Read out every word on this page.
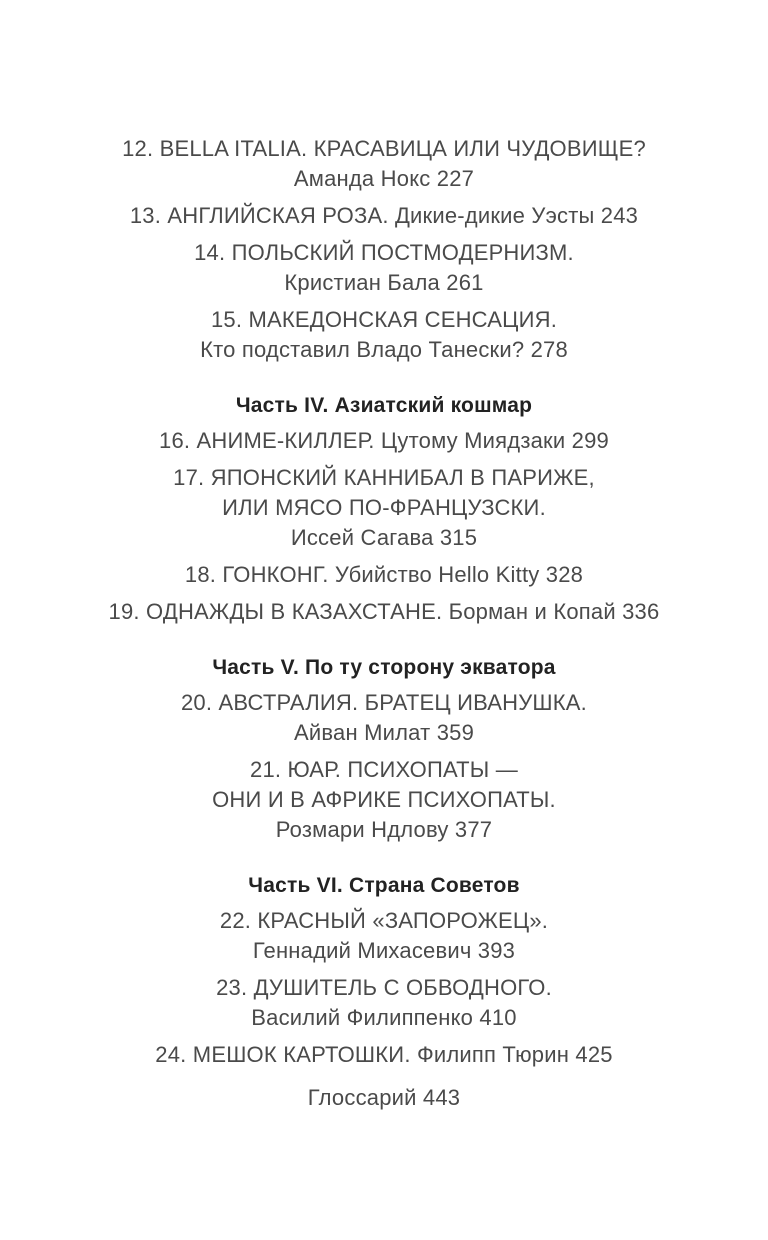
12. BELLA ITALIA. КРАСАВИЦА ИЛИ ЧУДОВИЩЕ?
Аманда Нокс 227
13. АНГЛИЙСКАЯ РОЗА. Дикие-дикие Уэсты 243
14. ПОЛЬСКИЙ ПОСТМОДЕРНИЗМ.
Кристиан Бала 261
15. МАКЕДОНСКАЯ СЕНСАЦИЯ.
Кто подставил Владо Танески? 278
Часть IV. Азиатский кошмар
16. АНИМЕ-КИЛЛЕР. Цутому Миядзаки 299
17. ЯПОНСКИЙ КАННИБАЛ В ПАРИЖЕ,
ИЛИ МЯСО ПО-ФРАНЦУЗСКИ.
Иссей Сагава 315
18. ГОНКОНГ. Убийство Hello Kitty 328
19. ОДНАЖДЫ В КАЗАХСТАНЕ. Борман и Копай 336
Часть V. По ту сторону экватора
20. АВСТРАЛИЯ. БРАТЕЦ ИВАНУШКА.
Айван Милат 359
21. ЮАР. ПСИХОПАТЫ —
ОНИ И В АФРИКЕ ПСИХОПАТЫ.
Розмари Ндлову 377
Часть VI. Страна Советов
22. КРАСНЫЙ «ЗАПОРОЖЕЦ».
Геннадий Михасевич 393
23. ДУШИТЕЛЬ С ОБВОДНОГО.
Василий Филиппенко 410
24. МЕШОК КАРТОШКИ. Филипп Тюрин 425
Глоссарий 443
